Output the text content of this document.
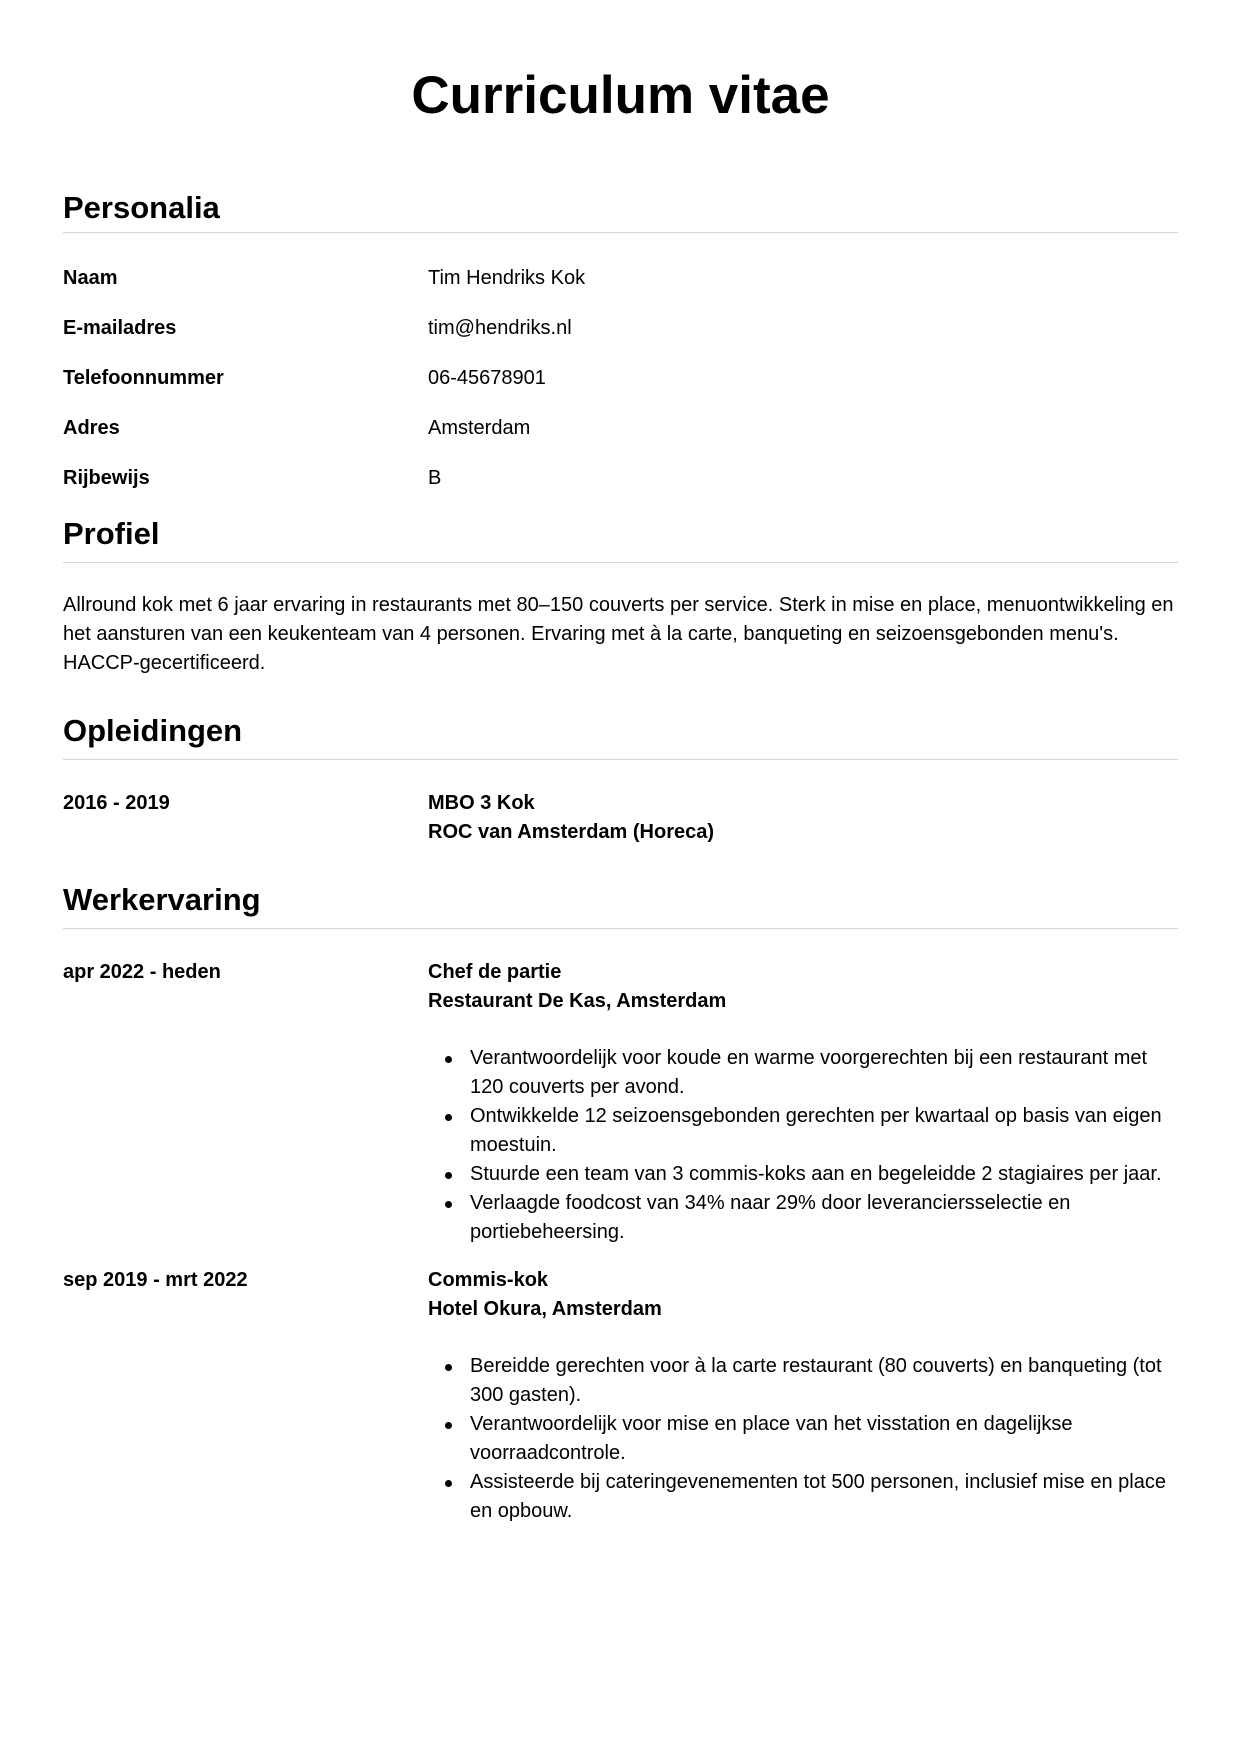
Curriculum vitae
Personalia
Naam	Tim Hendriks Kok
E-mailadres	tim@hendriks.nl
Telefoonnummer	06-45678901
Adres	Amsterdam
Rijbewijs	B
Profiel

Allround kok met 6 jaar ervaring in restaurants met 80–150 couverts per service. Sterk in mise en place, menuontwikkeling en het aansturen van een keukenteam van 4 personen. Ervaring met à la carte, banqueting en seizoensgebonden menu's. HACCP-gecertificeerd.

Opleidingen
2016 - 2019	MBO 3 Kok
ROC van Amsterdam (Horeca)
Werkervaring
apr 2022 - heden	Chef de partie
Restaurant De Kas, Amsterdam
Verantwoordelijk voor koude en warme voorgerechten bij een restaurant met 120 couverts per avond.
Ontwikkelde 12 seizoensgebonden gerechten per kwartaal op basis van eigen moestuin.
Stuurde een team van 3 commis-koks aan en begeleidde 2 stagiaires per jaar.
Verlaagde foodcost van 34% naar 29% door leveranciersselectie en portiebeheersing.
sep 2019 - mrt 2022	Commis-kok
Hotel Okura, Amsterdam
Bereidde gerechten voor à la carte restaurant (80 couverts) en banqueting (tot 300 gasten).
Verantwoordelijk voor mise en place van het visstation en dagelijkse voorraadcontrole.
Assisteerde bij cateringevenementen tot 500 personen, inclusief mise en place en opbouw.
